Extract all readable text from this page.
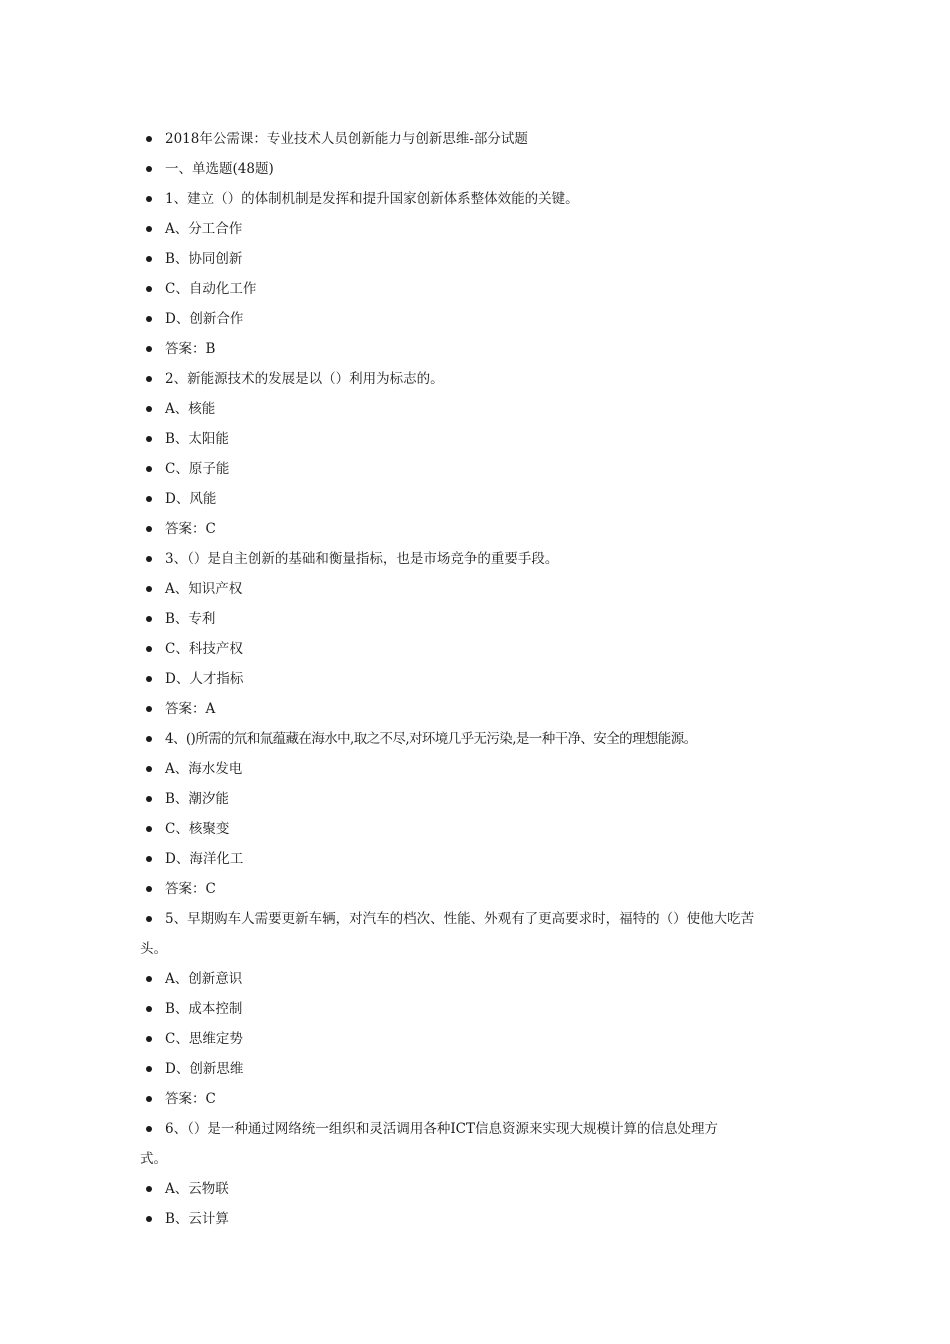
2018年公需课：专业技术人员创新能力与创新思维-部分试题
一、单选题(48题)
1、建立（）的体制机制是发挥和提升国家创新体系整体效能的关键。
A、分工合作
B、协同创新
C、自动化工作
D、创新合作
答案：B
2、新能源技术的发展是以（）利用为标志的。
A、核能
B、太阳能
C、原子能
D、风能
答案：C
3、（）是自主创新的基础和衡量指标，也是市场竞争的重要手段。
A、知识产权
B、专利
C、科技产权
D、人才指标
答案：A
4、()所需的氘和氚蕴藏在海水中,取之不尽,对环境几乎无污染,是一种干净、安全的理想能源。
A、海水发电
B、潮汐能
C、核聚变
D、海洋化工
答案：C
5、早期购车人需要更新车辆，对汽车的档次、性能、外观有了更高要求时，福特的（）使他大吃苦
头。
A、创新意识
B、成本控制
C、思维定势
D、创新思维
答案：C
6、（）是一种通过网络统一组织和灵活调用各种ICT信息资源来实现大规模计算的信息处理方
式。
A、云物联
B、云计算
